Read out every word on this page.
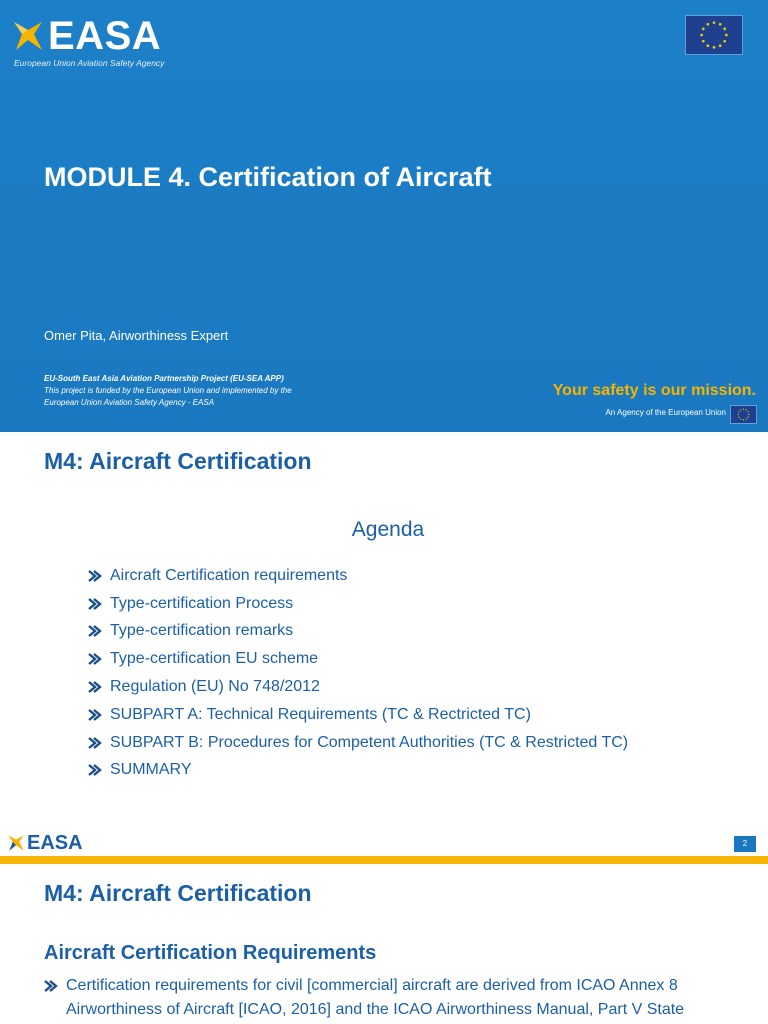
EASA
European Union Aviation Safety Agency
MODULE 4. Certification of Aircraft
Omer Pita, Airworthiness Expert
EU-South East Asia Aviation Partnership Project (EU-SEA APP)
This project is funded by the European Union and implemented by the
European Union Aviation Safety Agency - EASA
Your safety is our mission.
An Agency of the European Union
M4: Aircraft Certification
Agenda
Aircraft Certification requirements
Type-certification Process
Type-certification remarks
Type-certification EU scheme
Regulation (EU) No 748/2012
SUBPART A: Technical Requirements (TC & Rectricted TC)
SUBPART B: Procedures for Competent Authorities (TC & Restricted TC)
SUMMARY
EASA	2
M4: Aircraft Certification
Aircraft Certification Requirements
Certification requirements for civil [commercial] aircraft are derived from ICAO Annex 8
Airworthiness of Aircraft [ICAO, 2016] and the ICAO Airworthiness Manual, Part V State
